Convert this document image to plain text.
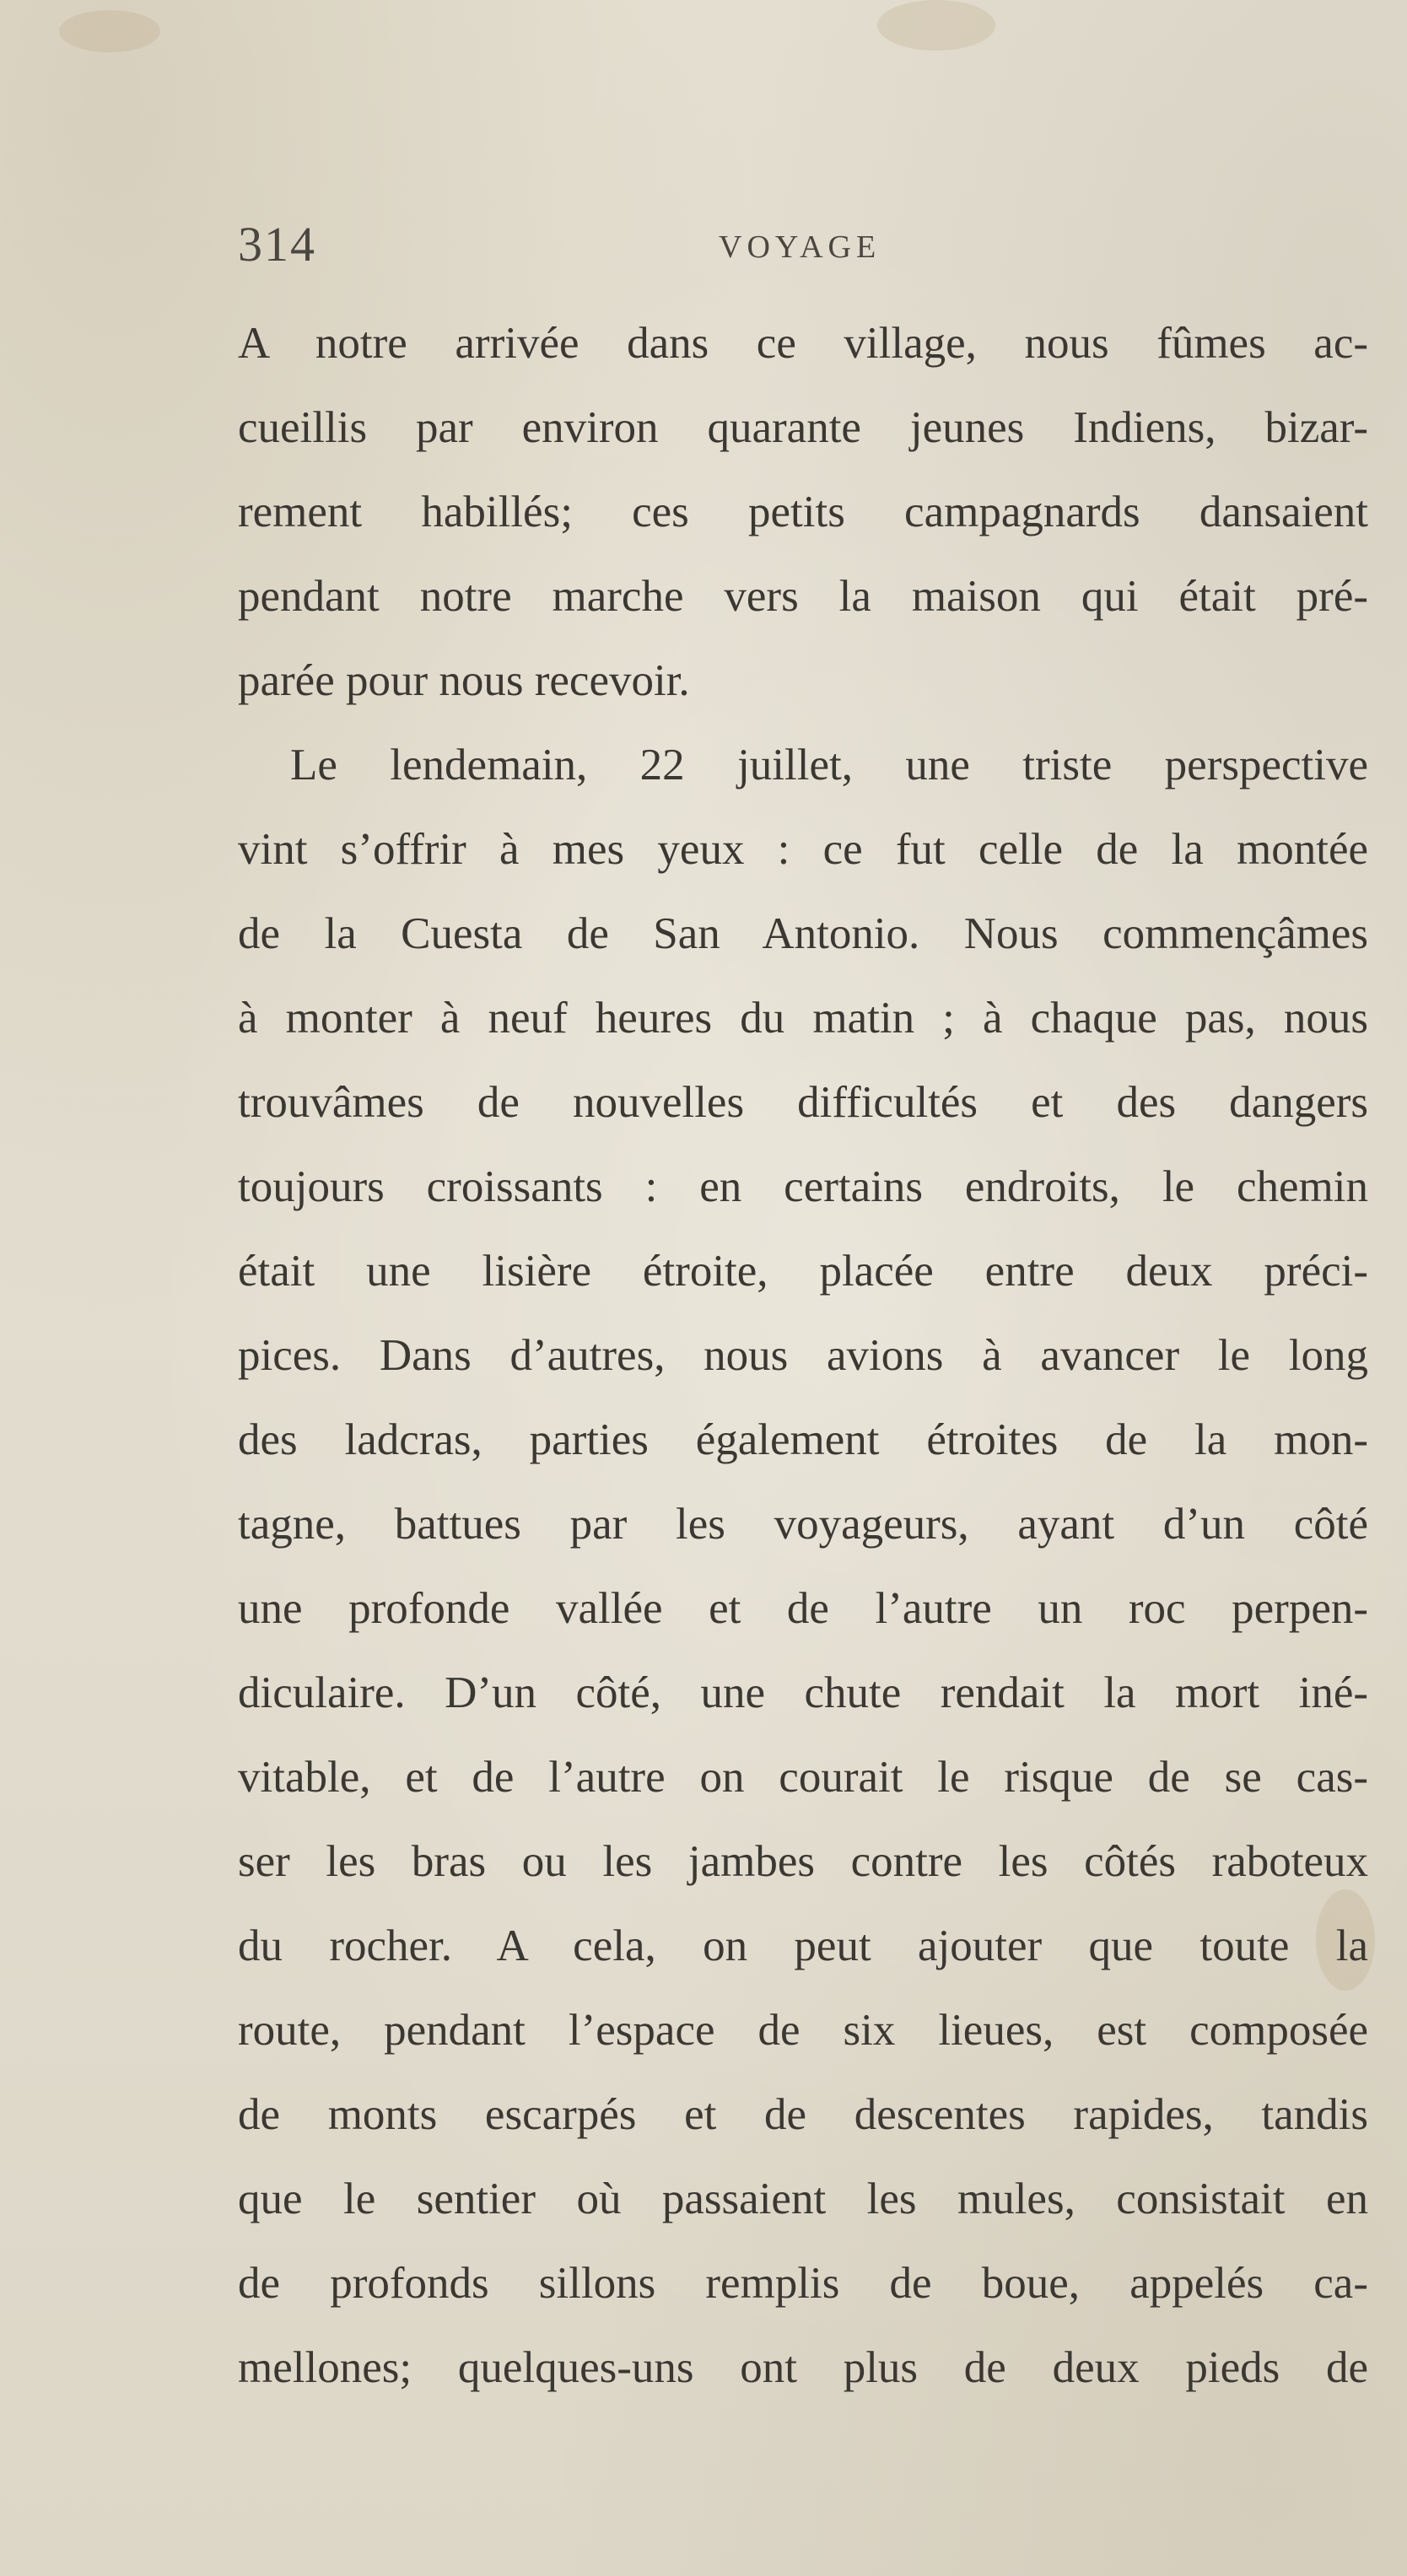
314	VOYAGE
A notre arrivée dans ce village, nous fûmes ac-
cueillis par environ quarante jeunes Indiens, bizar-
rement habillés; ces petits campagnards dansaient
pendant notre marche vers la maison qui était pré-
parée pour nous recevoir.
Le lendemain, 22 juillet, une triste perspective
vint s’offrir à mes yeux : ce fut celle de la montée
de la Cuesta de San Antonio. Nous commençâmes
à monter à neuf heures du matin ; à chaque pas, nous
trouvâmes de nouvelles difficultés et des dangers
toujours croissants : en certains endroits, le chemin
était une lisière étroite, placée entre deux préci-
pices. Dans d’autres, nous avions à avancer le long
des ladcras, parties également étroites de la mon-
tagne, battues par les voyageurs, ayant d’un côté
une profonde vallée et de l’autre un roc perpen-
diculaire. D’un côté, une chute rendait la mort iné-
vitable, et de l’autre on courait le risque de se cas-
ser les bras ou les jambes contre les côtés raboteux
du rocher. A cela, on peut ajouter que toute la
route, pendant l’espace de six lieues, est composée
de monts escarpés et de descentes rapides, tandis
que le sentier où passaient les mules, consistait en
de profonds sillons remplis de boue, appelés ca-
mellones; quelques-uns ont plus de deux pieds de
